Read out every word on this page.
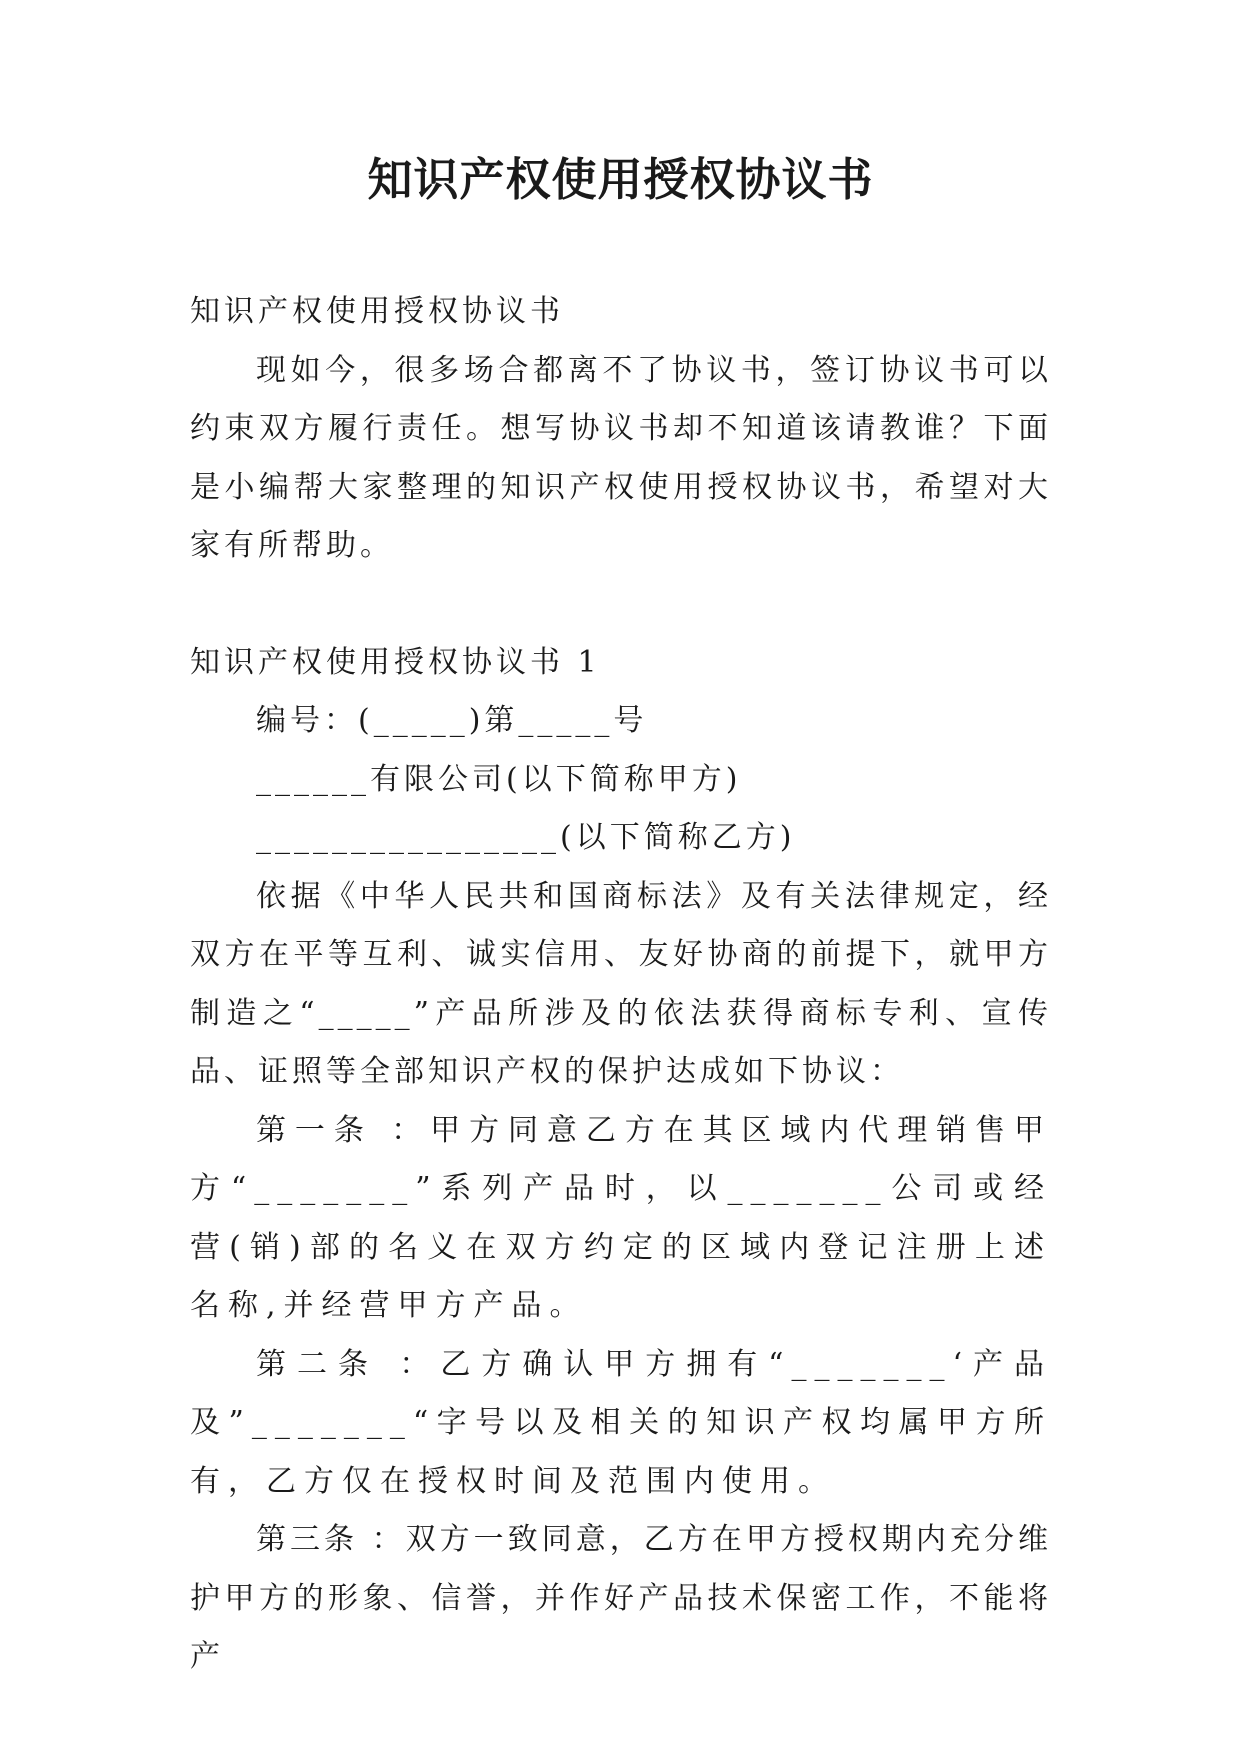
知识产权使用授权协议书

知识产权使用授权协议书

现如今，很多场合都离不了协议书，签订协议书可以约束双方履行责任。想写协议书却不知道该请教谁？下面是小编帮大家整理的知识产权使用授权协议书，希望对大家有所帮助。

知识产权使用授权协议书 1

编号：(_____)第_____号

______有限公司(以下简称甲方)

________________(以下简称乙方)

依据《中华人民共和国商标法》及有关法律规定，经双方在平等互利、诚实信用、友好协商的前提下，就甲方制造之“_____”产品所涉及的依法获得商标专利、宣传品、证照等全部知识产权的保护达成如下协议：

第一条 ：甲方同意乙方在其区域内代理销售甲方“_______”系列产品时，以_______公司或经营(销)部的名义在双方约定的区域内登记注册上述名称,并经营甲方产品。

第二条 ：乙方确认甲方拥有“_______‘产品及”_______“字号以及相关的知识产权均属甲方所有，乙方仅在授权时间及范围内使用。

第三条 ：双方一致同意，乙方在甲方授权期内充分维护甲方的形象、信誉，并作好产品技术保密工作，不能将产
